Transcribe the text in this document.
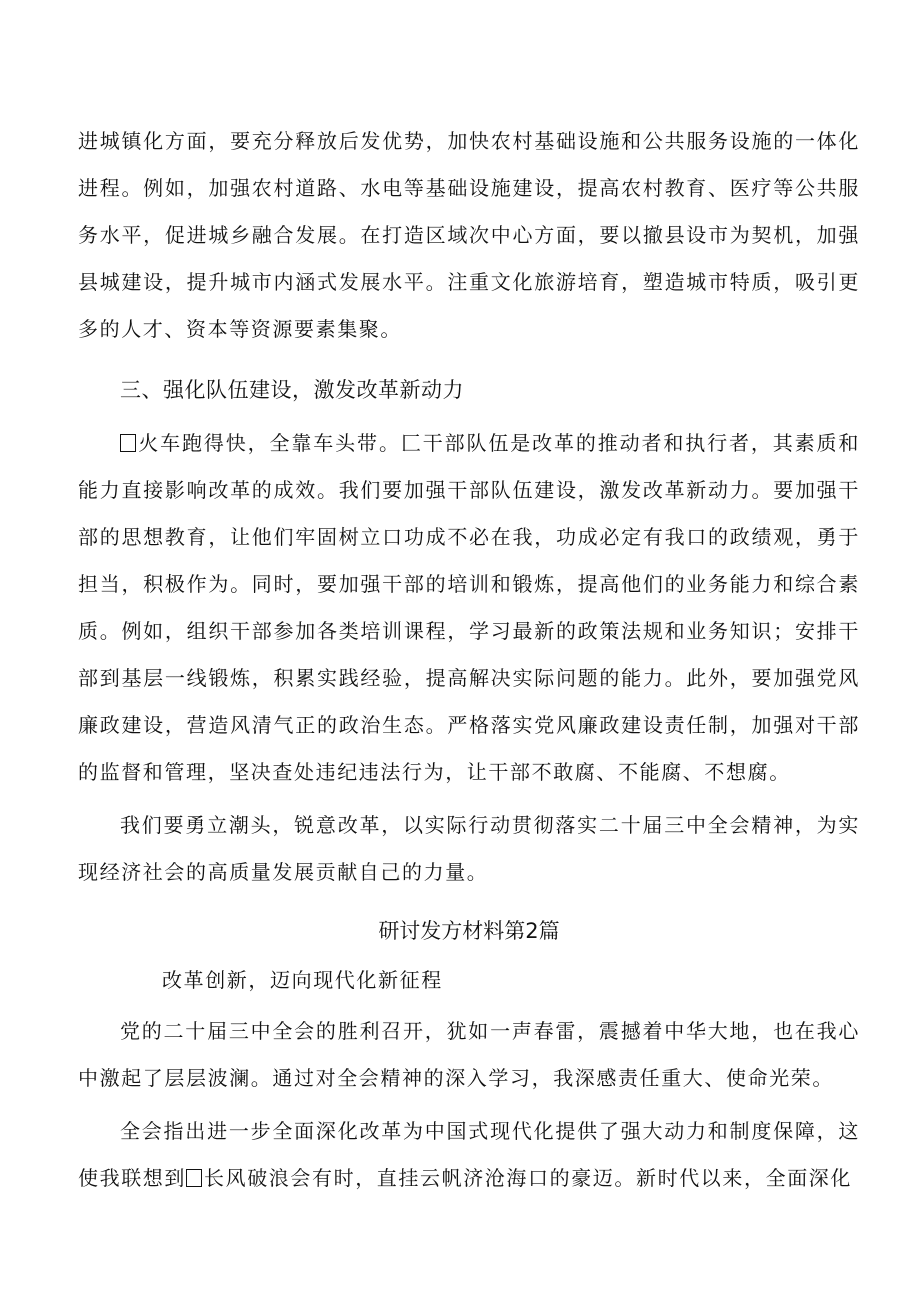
进城镇化方面，要充分释放后发优势，加快农村基础设施和公共服务设施的一体化进程。例如，加强农村道路、水电等基础设施建设，提高农村教育、医疗等公共服务水平，促进城乡融合发展。在打造区域次中心方面，要以撤县设市为契机，加强县城建设，提升城市内涵式发展水平。注重文化旅游培育，塑造城市特质，吸引更多的人才、资本等资源要素集聚。

三、强化队伍建设，激发改革新动力

火车跑得快，全靠车头带。匚干部队伍是改革的推动者和执行者，其素质和能力直接影响改革的成效。我们要加强干部队伍建设，激发改革新动力。要加强干部的思想教育，让他们牢固树立口功成不必在我，功成必定有我口的政绩观，勇于担当，积极作为。同时，要加强干部的培训和锻炼，提高他们的业务能力和综合素质。例如，组织干部参加各类培训课程，学习最新的政策法规和业务知识；安排干部到基层一线锻炼，积累实践经验，提高解决实际问题的能力。此外，要加强党风廉政建设，营造风清气正的政治生态。严格落实党风廉政建设责任制，加强对干部的监督和管理，坚决查处违纪违法行为，让干部不敢腐、不能腐、不想腐。

我们要勇立潮头，锐意改革，以实际行动贯彻落实二十届三中全会精神，为实现经济社会的高质量发展贡献自己的力量。

研讨发方材料第2篇
改革创新，迈向现代化新征程

党的二十届三中全会的胜利召开，犹如一声春雷，震撼着中华大地，也在我心中激起了层层波澜。通过对全会精神的深入学习，我深感责任重大、使命光荣。

全会指出进一步全面深化改革为中国式现代化提供了强大动力和制度保障，这使我联想到 长风破浪会有时，直挂云帆济沧海口的豪迈。新时代以来，全面深化
